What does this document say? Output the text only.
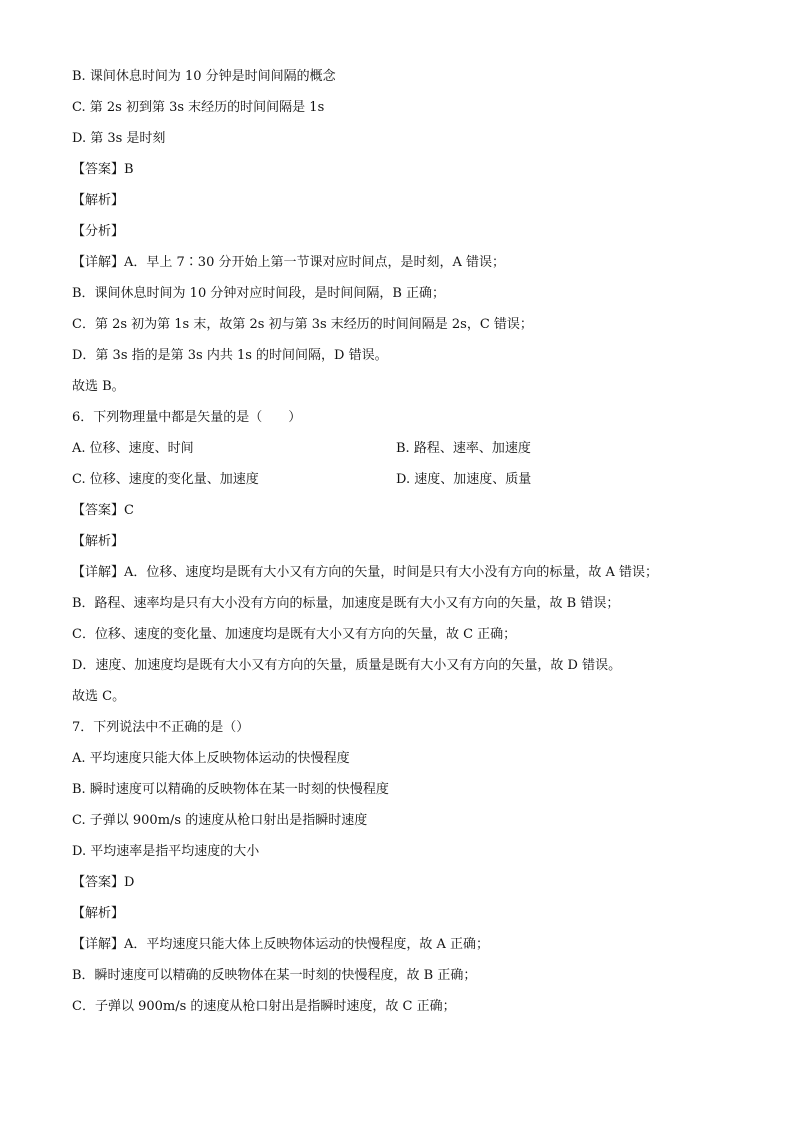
B. 课间休息时间为 10 分钟是时间间隔的概念
C. 第 2s 初到第 3s 末经历的时间间隔是 1s
D. 第 3s 是时刻
【答案】B
【解析】
【分析】
【详解】A．早上 7∶30 分开始上第一节课对应时间点，是时刻，A 错误；
B．课间休息时间为 10 分钟对应时间段，是时间间隔，B 正确；
C．第 2s 初为第 1s 末，故第 2s 初与第 3s 末经历的时间间隔是 2s，C 错误；
D．第 3s 指的是第 3s 内共 1s 的时间间隔，D 错误。
故选 B。
6．下列物理量中都是矢量的是（　　）
A. 位移、速度、时间	B. 路程、速率、加速度
C. 位移、速度的变化量、加速度	D. 速度、加速度、质量
【答案】C
【解析】
【详解】A．位移、速度均是既有大小又有方向的矢量，时间是只有大小没有方向的标量，故 A 错误；
B．路程、速率均是只有大小没有方向的标量，加速度是既有大小又有方向的矢量，故 B 错误；
C．位移、速度的变化量、加速度均是既有大小又有方向的矢量，故 C 正确；
D．速度、加速度均是既有大小又有方向的矢量，质量是既有大小又有方向的矢量，故 D 错误。
故选 C。
7．下列说法中不正确的是（）
A. 平均速度只能大体上反映物体运动的快慢程度
B. 瞬时速度可以精确的反映物体在某一时刻的快慢程度
C. 子弹以 900m/s 的速度从枪口射出是指瞬时速度
D. 平均速率是指平均速度的大小
【答案】D
【解析】
【详解】A．平均速度只能大体上反映物体运动的快慢程度，故 A 正确；
B．瞬时速度可以精确的反映物体在某一时刻的快慢程度，故 B 正确；
C．子弹以 900m/s 的速度从枪口射出是指瞬时速度，故 C 正确；
